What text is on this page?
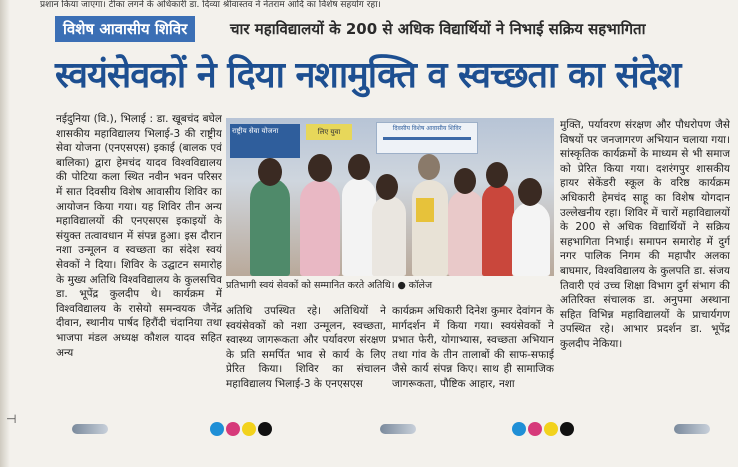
⊣
प्रशान किया जाएगा। टीका लगने के अधिकारी डा. दिव्या श्रीवास्तव ने नेतराम आदि का विशेष सहयोग रहा।
विशेष आवासीय शिविर	चार महाविद्यालयों के 200 से अधिक विद्यार्थियों ने निभाई सक्रिय सहभागिता
स्वयंसेवकों ने दिया नशामुक्ति व स्वच्छता का संदेश
नईदुनिया (वि.), भिलाई : डा. खूबचंद बघेल शासकीय महाविद्यालय भिलाई-3 की राष्ट्रीय सेवा योजना (एनएसएस) इकाई (बालक एवं बालिका) द्वारा हेमचंद यादव विश्वविद्यालय की पोटिया कला स्थित नवीन भवन परिसर में सात दिवसीय विशेष आवासीय शिविर का आयोजन किया गया। यह शिविर तीन अन्य महाविद्यालयों की एनएसएस इकाइयों के संयुक्त तत्वावधान में संपन्न हुआ। इस दौरान नशा उन्मूलन व स्वच्छता का संदेश स्वयं सेवकों ने दिया। शिविर के उद्घाटन समारोह के मुख्य अतिथि विश्वविद्यालय के कुलसचिव डा. भूपेंद्र कुलदीप थे। कार्यक्रम में विश्वविद्यालय के रासेयो समन्वयक जैनेंद्र दीवान, स्थानीय पार्षद हिरौंदी चंदानिया तथा भाजपा मंडल अध्यक्ष कौशल यादव सहित अन्य
राष्ट्रीय सेवा योजना	लिए युवा	दिवसीय विशेष आवासीय शिविर
प्रतिभागी स्वयं सेवकों को सम्मानित करते अतिथि। ● कॉलेज
अतिथि उपस्थित रहे। अतिथियों ने स्वयंसेवकों को नशा उन्मूलन, स्वच्छता, स्वास्थ्य जागरूकता और पर्यावरण संरक्षण के प्रति समर्पित भाव से कार्य के लिए प्रेरित किया। शिविर का संचालन महाविद्यालय भिलाई-3 के एनएसएस
कार्यक्रम अधिकारी दिनेश कुमार देवांगन के मार्गदर्शन में किया गया। स्वयंसेवकों ने प्रभात फेरी, योगाभ्यास, स्वच्छता अभियान तथा गांव के तीन तालाबों की साफ-सफाई जैसे कार्य संपन्न किए। साथ ही सामाजिक जागरूकता, पौष्टिक आहार, नशा
मुक्ति, पर्यावरण संरक्षण और पौधरोपण जैसे विषयों पर जनजागरण अभियान चलाया गया। सांस्कृतिक कार्यक्रमों के माध्यम से भी समाज को प्रेरित किया गया। दशरंगपुर शासकीय हायर सेकेंडरी स्कूल के वरिष्ठ कार्यक्रम अधिकारी हेमचंद साहू का विशेष योगदान उल्लेखनीय रहा। शिविर में चारों महाविद्यालयों के 200 से अधिक विद्यार्थियों ने सक्रिय सहभागिता निभाई। समापन समारोह में दुर्ग नगर पालिक निगम की महापौर अलका बाघमार, विश्वविद्यालय के कुलपति डा. संजय तिवारी एवं उच्च शिक्षा विभाग दुर्ग संभाग की अतिरिक्त संचालक डा. अनुपमा अस्थाना सहित विभिन्न महाविद्यालयों के प्राचार्यगण उपस्थित रहे। आभार प्रदर्शन डा. भूपेंद्र कुलदीप नेकिया।
